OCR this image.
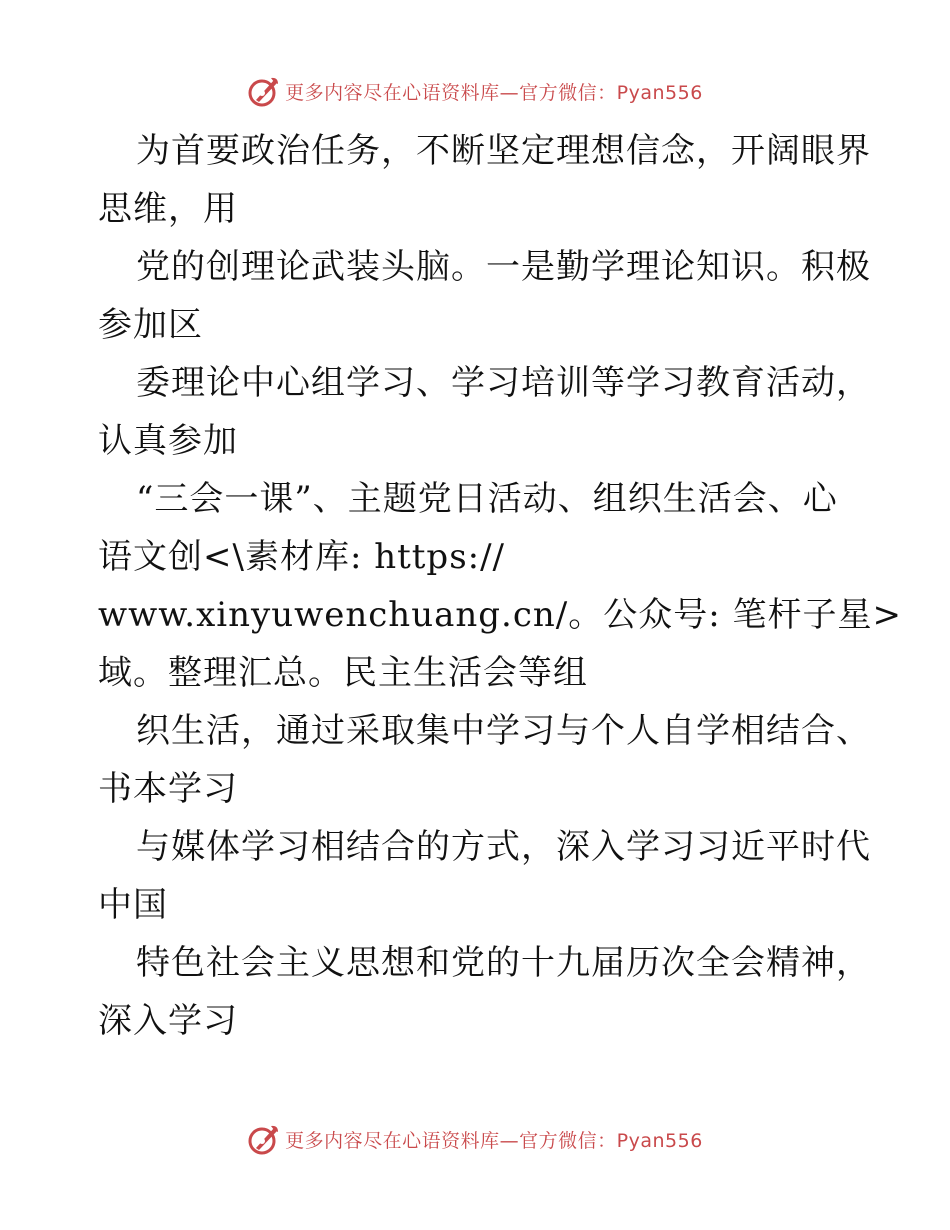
更多内容尽在心语资料库—官方微信：Pyan556
为首要政治任务，不断坚定理想信念，开阔眼界
思维，用
党的创理论武装头脑。一是勤学理论知识。积极
参加区
委理论中心组学习、学习培训等学习教育活动，
认真参加
“三会一课”、主题党日活动、组织生活会、心
语文创<\素材库: https://
www.xinyuwenchuang.cn/。公众号: 笔杆子星>
域。整理汇总。民主生活会等组
织生活，通过采取集中学习与个人自学相结合、
书本学习
与媒体学习相结合的方式，深入学习习近平时代
中国
特色社会主义思想和党的十九届历次全会精神，
深入学习
更多内容尽在心语资料库—官方微信：Pyan556
